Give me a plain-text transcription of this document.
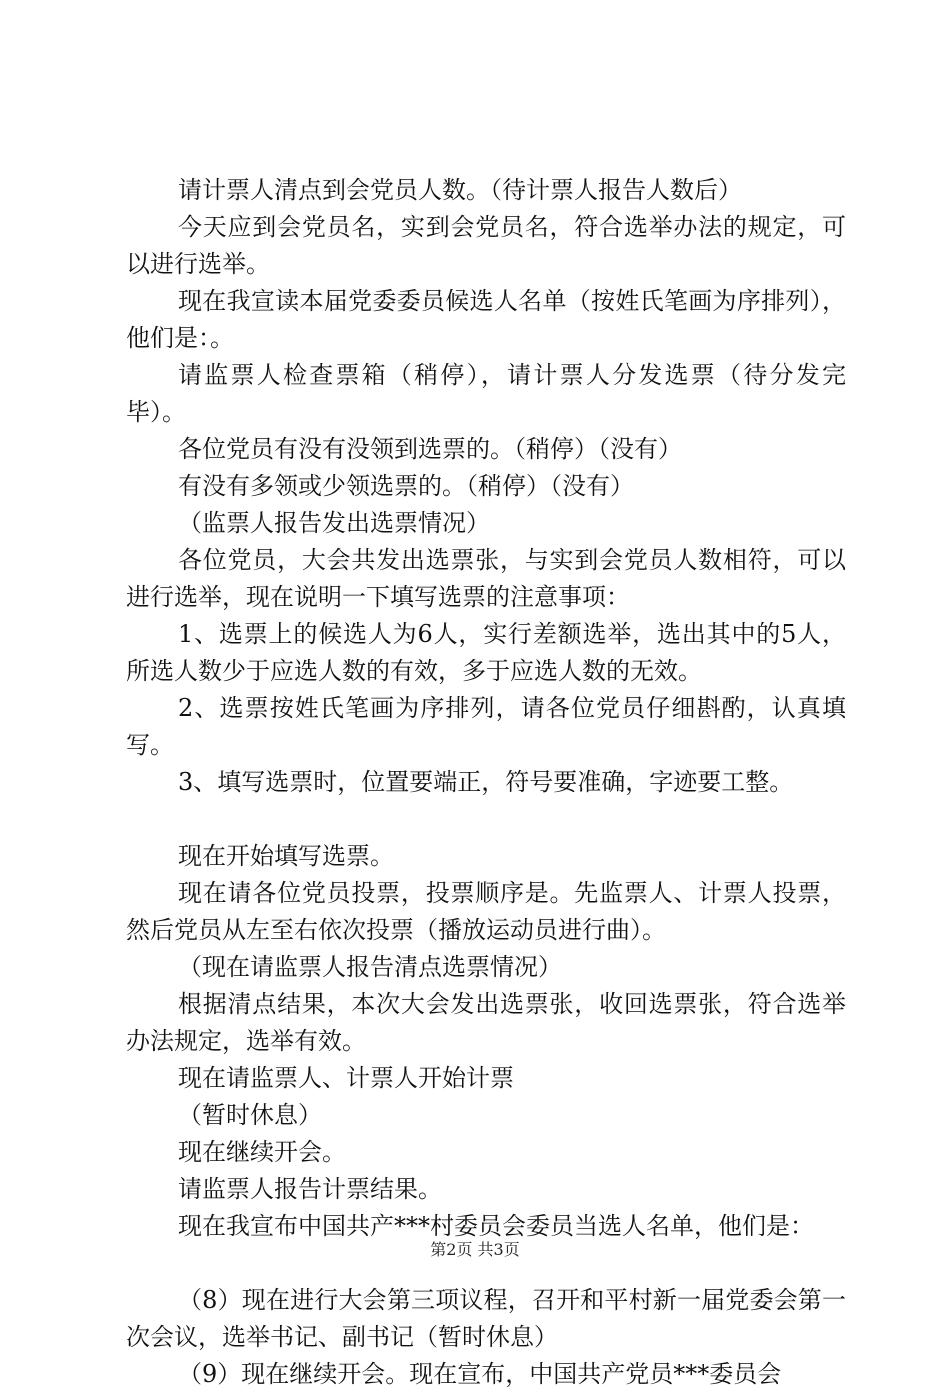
请计票人清点到会党员人数。（待计票人报告人数后）

今天应到会党员名，实到会党员名，符合选举办法的规定，可以进行选举。

现在我宣读本届党委委员候选人名单（按姓氏笔画为序排列），他们是：。

请监票人检查票箱（稍停），请计票人分发选票（待分发完毕）。

各位党员有没有没领到选票的。（稍停）（没有）

有没有多领或少领选票的。（稍停）（没有）

（监票人报告发出选票情况）

各位党员，大会共发出选票张，与实到会党员人数相符，可以进行选举，现在说明一下填写选票的注意事项：

1、选票上的候选人为6人，实行差额选举，选出其中的5人，所选人数少于应选人数的有效，多于应选人数的无效。

2、选票按姓氏笔画为序排列，请各位党员仔细斟酌，认真填写。

3、填写选票时，位置要端正，符号要准确，字迹要工整。

现在开始填写选票。

现在请各位党员投票，投票顺序是。先监票人、计票人投票，然后党员从左至右依次投票（播放运动员进行曲）。

（现在请监票人报告清点选票情况）

根据清点结果，本次大会发出选票张，收回选票张，符合选举办法规定，选举有效。

现在请监票人、计票人开始计票

（暂时休息）

现在继续开会。

请监票人报告计票结果。

现在我宣布中国共产***村委员会委员当选人名单，他们是：

（8）现在进行大会第三项议程，召开和平村新一届党委会第一次会议，选举书记、副书记（暂时休息）

（9）现在继续开会。现在宣布，中国共产党员***委员会

第2页 共3页
